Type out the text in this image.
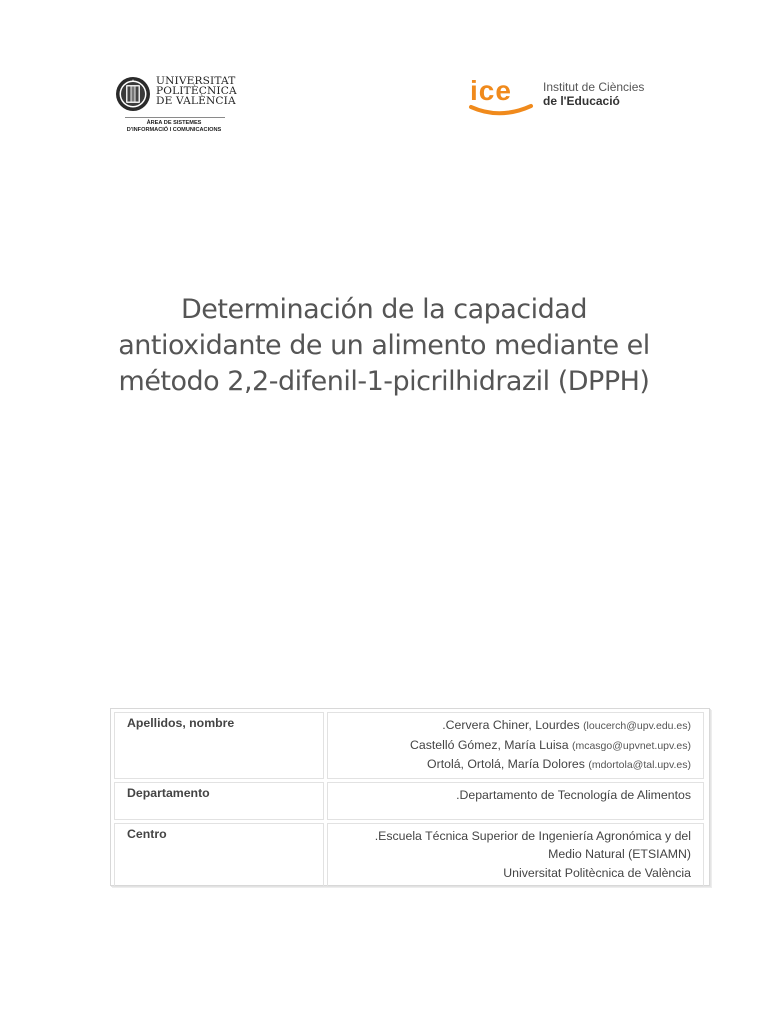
UNIVERSITAT
POLITÈCNICA
DE VALÈNCIA
ÀREA DE SISTEMES
D'INFORMACIÓ I COMUNICACIONS
ice	Institut de Ciències
de l'Educació
Determinación de la capacidad antioxidante de un alimento mediante el método 2,2-difenil-1-picrilhidrazil (DPPH)
Apellidos, nombre	.Cervera Chiner, Lourdes (loucerch@upv.edu.es)
Castelló Gómez, María Luisa (mcasgo@upvnet.upv.es)
Ortolá, Ortolá, María Dolores (mdortola@tal.upv.es)

Departamento	.Departamento de Tecnología de Alimentos

Centro	.Escuela Técnica Superior de Ingeniería Agronómica y del
Medio Natural (ETSIAMN)
Universitat Politècnica de València
